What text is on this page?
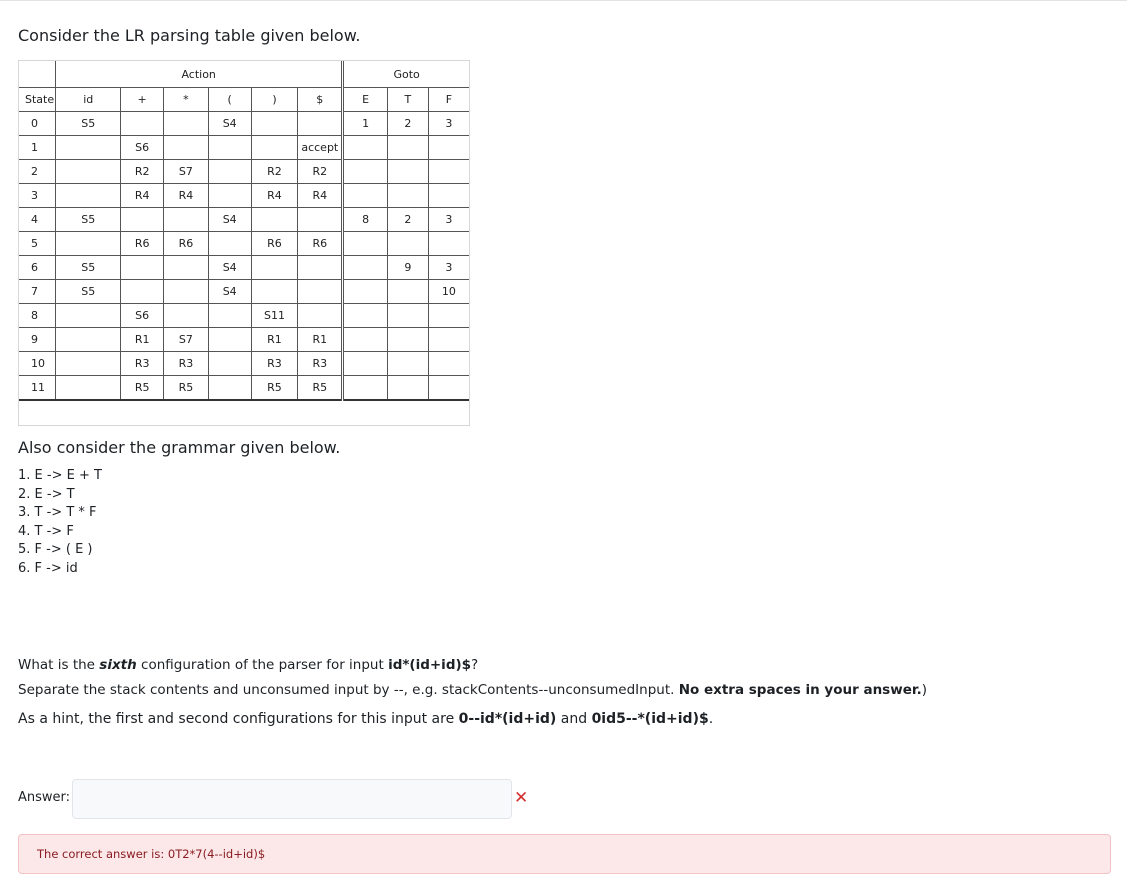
Consider the LR parsing table given below.
	Action						Goto		
State	id	+	*	(	)	$	E	T	F
0	S5			S4			1	2	3
1		S6				accept			
2		R2	S7		R2	R2			
3		R4	R4		R4	R4			
4	S5			S4			8	2	3
5		R6	R6		R6	R6			
6	S5			S4				9	3
7	S5			S4					10
8		S6			S11				
9		R1	S7		R1	R1			
10		R3	R3		R3	R3			
11		R5	R5		R5	R5			
Also consider the grammar given below.
1. E -> E + T
2. E -> T
3. T -> T * F
4. T -> F
5. F -> ( E )
6. F -> id
What is the sixth configuration of the parser for input id*(id+id)$?
Separate the stack contents and unconsumed input by --, e.g. stackContents--unconsumedInput. No extra spaces in your answer.)
As a hint, the first and second configurations for this input are 0--id*(id+id) and 0id5--*(id+id)$.
Answer:	✕
The correct answer is: 0T2*7(4--id+id)$
